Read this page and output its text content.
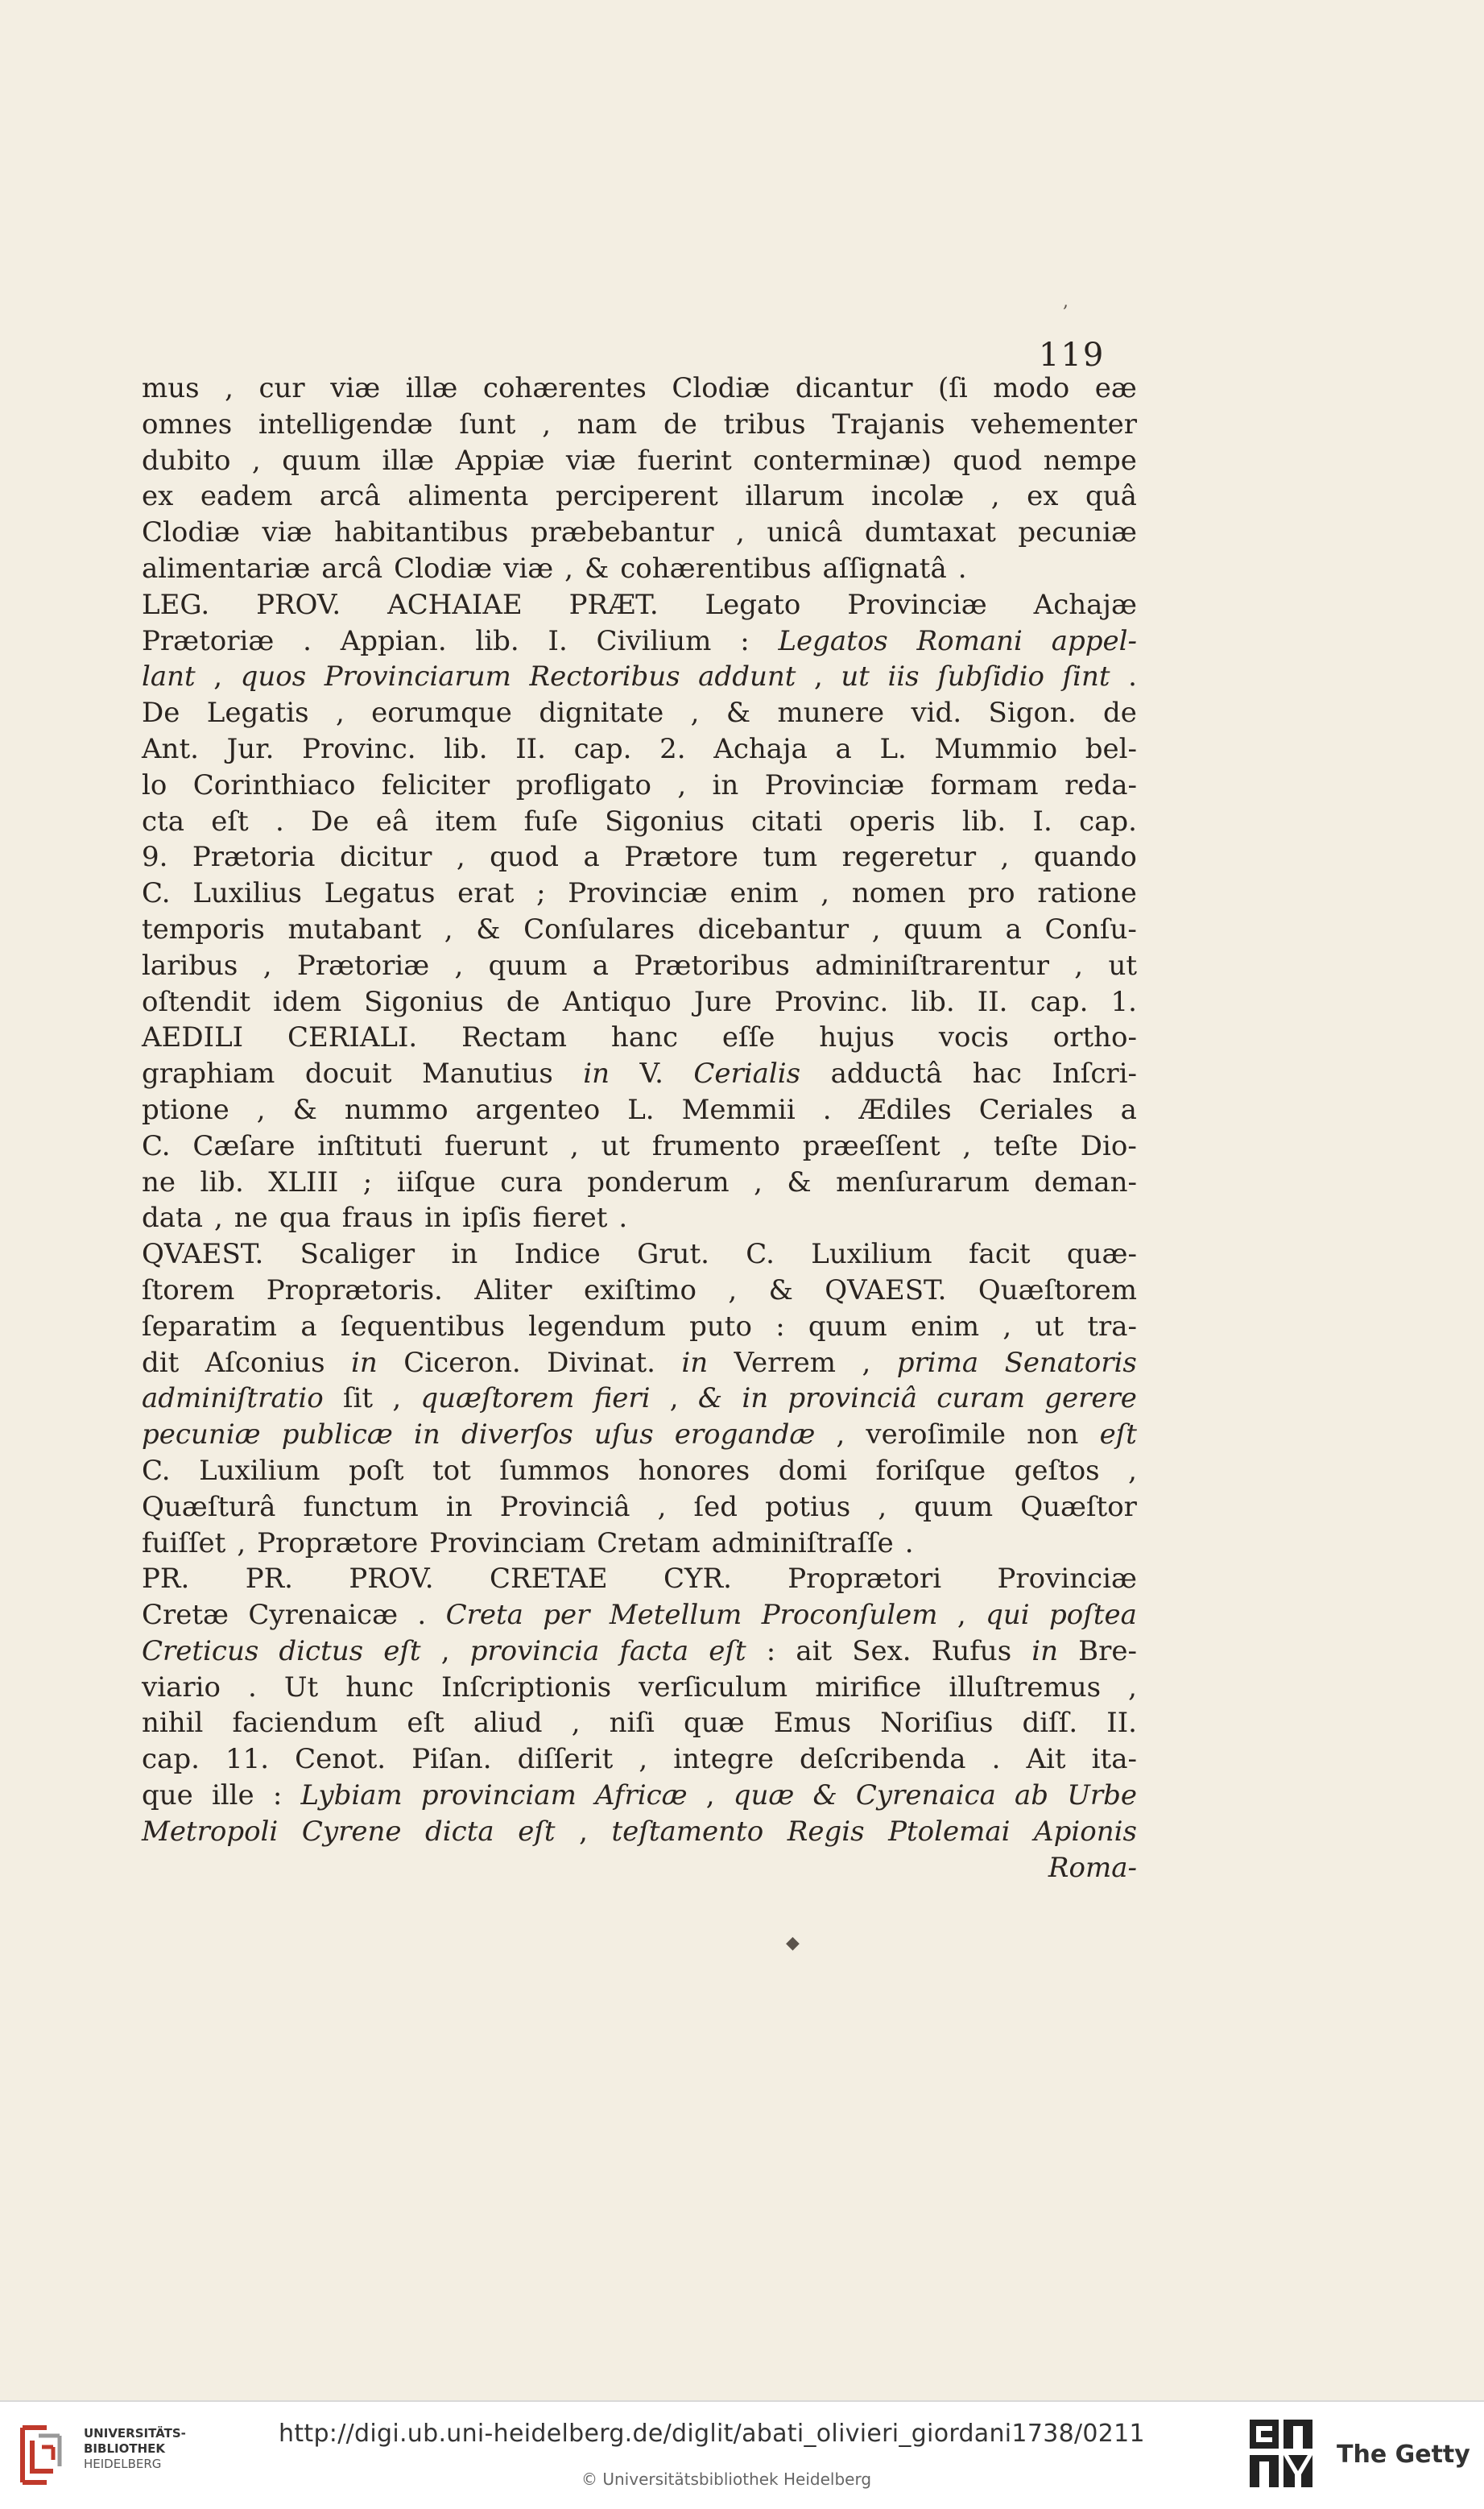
119
,
◆
mus , cur viæ illæ cohærentes Clodiæ dicantur (ſi modo eæ
omnes intelligendæ ſunt , nam de tribus Trajanis vehementer
dubito , quum illæ Appiæ viæ fuerint conterminæ) quod nempe
ex eadem arcâ alimenta perciperent illarum incolæ , ex quâ
Clodiæ viæ habitantibus præbebantur , unicâ dumtaxat pecuniæ
alimentariæ arcâ Clodiæ viæ , & cohærentibus aſſignatâ .
LEG. PROV. ACHAIAE PRÆT. Legato Provinciæ Achajæ
Prætoriæ . Appian. lib. I. Civilium : Legatos Romani appel-
lant , quos Provinciarum Rectoribus addunt , ut iis ſubſidio ſint .
De Legatis , eorumque dignitate , & munere vid. Sigon. de
Ant. Jur. Provinc. lib. II. cap. 2. Achaja a L. Mummio bel-
lo Corinthiaco feliciter profligato , in Provinciæ formam reda-
cta eſt . De eâ item fuſe Sigonius citati operis lib. I. cap.
9. Prætoria dicitur , quod a Prætore tum regeretur , quando
C. Luxilius Legatus erat ; Provinciæ enim , nomen pro ratione
temporis mutabant , & Conſulares dicebantur , quum a Conſu-
laribus , Prætoriæ , quum a Prætoribus adminiſtrarentur , ut
oſtendit idem Sigonius de Antiquo Jure Provinc. lib. II. cap. 1.
AEDILI CERIALI. Rectam hanc eſſe hujus vocis ortho-
graphiam docuit Manutius in V. Cerialis adductâ hac Inſcri-
ptione , & nummo argenteo L. Memmii . Ædiles Ceriales a
C. Cæſare inſtituti fuerunt , ut frumento præeſſent , teſte Dio-
ne lib. XLIII ; iiſque cura ponderum , & menſurarum deman-
data , ne qua fraus in ipſis fieret .
QVAEST. Scaliger in Indice Grut. C. Luxilium facit quæ-
ſtorem Proprætoris. Aliter exiſtimo , & QVAEST. Quæſtorem
ſeparatim a ſequentibus legendum puto : quum enim , ut tra-
dit Aſconius in Ciceron. Divinat. in Verrem , prima Senatoris
adminiſtratio ſit , quæſtorem fieri , & in provinciâ curam gerere
pecuniæ publicæ in diverſos uſus erogandæ , veroſimile non eſt
C. Luxilium poſt tot ſummos honores domi foriſque geſtos ,
Quæſturâ functum in Provinciâ , ſed potius , quum Quæſtor
fuiſſet , Proprætore Provinciam Cretam adminiſtraſſe .
PR. PR. PROV. CRETAE CYR. Proprætori Provinciæ
Cretæ Cyrenaicæ . Creta per Metellum Proconſulem , qui poſtea
Creticus dictus eſt , provincia facta eſt : ait Sex. Rufus in Bre-
viario . Ut hunc Inſcriptionis verſiculum mirifice illuſtremus ,
nihil faciendum eſt aliud , niſi quæ Emus Noriſius diſſ. II.
cap. 11. Cenot. Piſan. diſſerit , integre deſcribenda . Ait ita-
que ille : Lybiam provinciam Africæ , quæ & Cyrenaica ab Urbe
Metropoli Cyrene dicta eſt , teſtamento Regis Ptolemai Apionis
Roma-
UNIVERSITÄTS-
BIBLIOTHEK
HEIDELBERG
http://digi.ub.uni-heidelberg.de/diglit/abati_olivieri_giordani1738/0211
© Universitätsbibliothek Heidelberg
The Getty
